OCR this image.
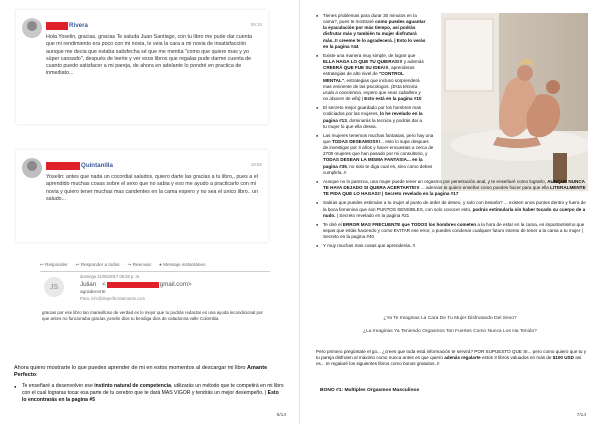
Rivera	06:15
Hola Yoselin, gracias, gracias Te saluda Juan Santiago, con tu libro me pude dar cuenta que mi rendimiento era poco con mi novia, le veia la cara a mi novia de insatisfacción aunque me decia que estaba satisfecha sé que me mentía "como que quiere mas y yo súper cansado", después de leerte y ver esos libros que regalas pude darme cuenta de cuanto puedo satisfacer a mi pareja, de ahora en adelante lo pondré en practica de inmediato...
Quintanilla	18:56
Yoselin: antes que nada un cocordial saludos, quiero darte las gracias a tu libro,, pues a el aprendido muchas cosas sobre el sexo que no sabia y eso me ayudo a practicarlo con mi novia y quiero tener muchas mas candentes en la cama espero y no sea el unico libro.. un saludo...
↩ Responder ↩ Responder a todos ↪ Reenviar ● Mensaje instantáneo
domingo 21/05/2017 06:26 p. m.
JS	Julian <	gmail.com>
agradecerte
Para: info@deperfectoamante.com
gracias por ese libro tan maravilloso de verdad es lo mejor que tu podrás redactar es una ayuda incondicional por que antes no funcionaba gracias yoselin dios tu bendiga dios de catadonna valle Colombia

Ahora quiero mostrarte lo que puedes aprender de mi en estos momentos al descargar mi libro Amante Perfecto:

● Te enseñaré a desenvolver ese instinto natural de competencia, utilizarás un método que te competirá en mi libro con el cual lograras tocar esa parte de tu cerebro que te dará MAS VIGOR y tendrás un mejor desempeño. | Esto lo encontrarás en la pagina #5
6/14
● Tienes problemas para durar 30 minutos en la cama?, pues te mostraré como puedes aguantar la eyaculación por más tiempo, así podrás disfrutar más y también tu mujer disfrutará más..!! creeme te lo agradecerá. | Esto lo verás en la pagina #44
● Existe una manera muy simple, de lograr que ELLA HAGA LO QUE TU QUIERAS!!! y además CREERÁ QUE FUE SU IDEA!!!, aprenderas estrategias de alto nivel de "CONTROL MENTAL", estrategias que incluso sorprenderá mas eminente de las psicologos. (Esta técnica usala a conciencia, espero que seas caballero y no abuses de ella) | Esto está en la pagina #10
● El secreto mejor guardado por los hombres mas codiciados por las mujeres, lo he revelado en la pagina #13, dominarás la tecnica y podrás dar a tu mujer lo que ella desea.
● Las mujeres tenemos muchas fantasias, pero hay una que TODAS DESEAMOS!!!... esto lo supe despues de investigar por 3 años y hacer encuestas a cerca de 2700 mujeres que han pasado por mi consultorio, y TODAS DESEAN LA MISMA FANTASIA... en la pagina #35, no solo te diga cual es, sino como debes cumplirla..!!
● Aunque no lo parezca, una mujer puede tener un orgasmo por penetración anal, y te enseñaré como lograrlo, AUNQUE NUNCA TE HAYA DEJADO SI QUERA ACERTARTE!!! ... además te quiero enseñar como puedes hacer para que ella LITERALMENTE TE PIDA QUE LO HAGAS!! | Secreto revelado en la pagina #17
● Sabías que puedes estimular a tu mujer al punto de arder de deseo, y solo con besarla? ... existen unos puntos dentro y fuera de la boca femenina que son PUNTOS SENSIBLES, con solo conocer esto, podrás estimularla sin haber tocado su cuerpo de a nudo. | Secreto revelado en la pagina #21
● Te diré el ERROR MAS FRECUENTE que TODOS los hombres cometen a la hora de estar en la cama, es importantisimo que sepas que estás haciendo y como EVITAR ese error, o puedes condenar cualquier futuro intento de tener a la cama a tu mujer | Secreto en la pagina #40
● Y muy muchas mas cosas que aprenderás..!!
¿Ya Te Imaginas La Cara De Tu Mujer Disfrutando Del Sexo?
¿La Imaginas Ya Teniendo Orgasmos Tan Fuertes Como Nunca Los Ha Tenido?

Pero primero pregúntate el go... ¿crees que toda está información te servirá? POR SUPUESTO QUE SI... pero como quiero que tu y tu pareja disfruten al máximo como nunca antes es que quiero adenás regalarte estos 3 libros valuados en más de $100 USD así es... te regalaré los siguientes libros como bonos gratuitos..!!

BONO #1: Multiples Orgasmos Masculinos
7/14
